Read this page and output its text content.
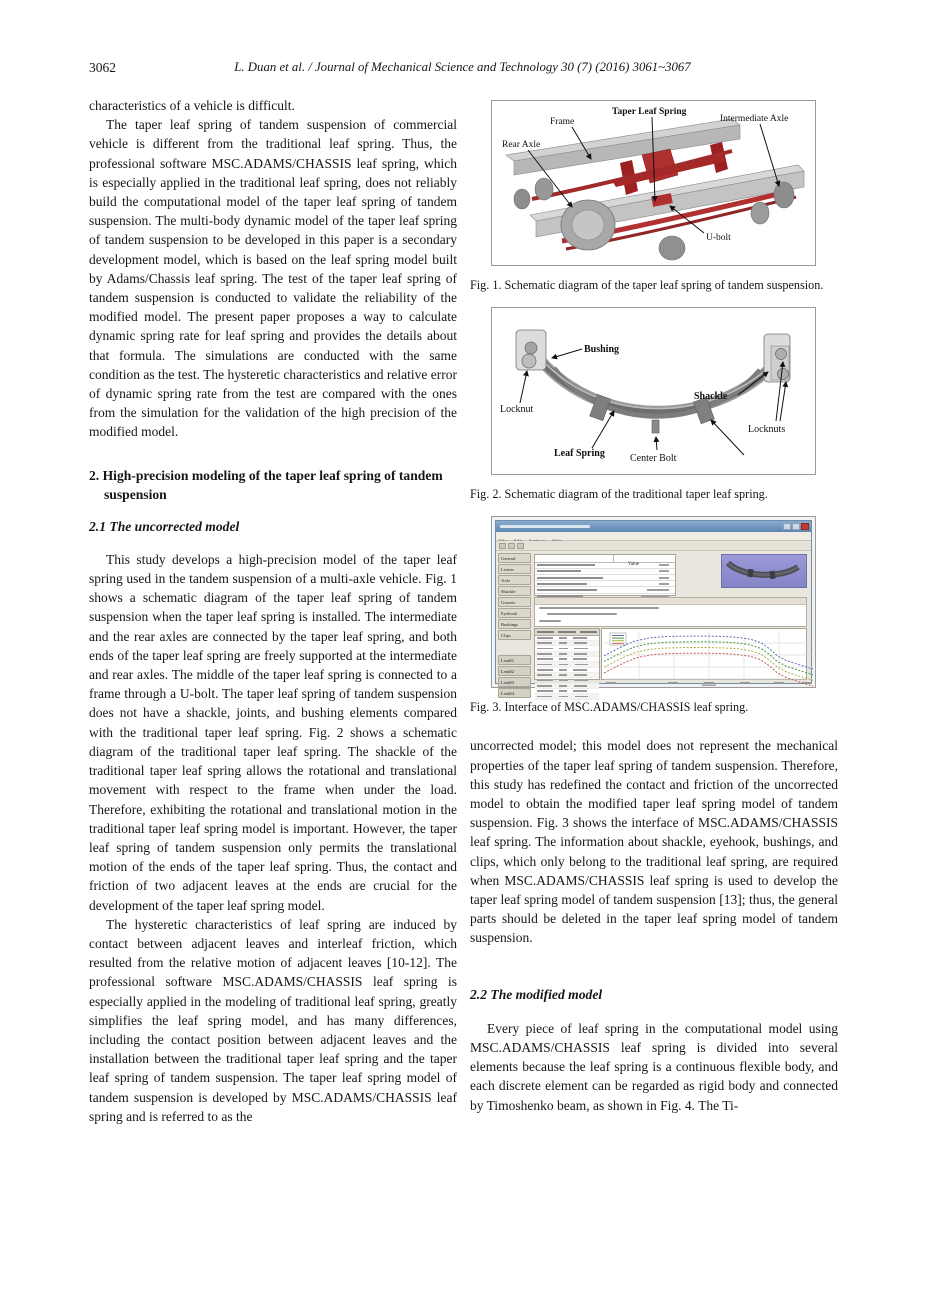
3062	L. Duan et al. / Journal of Mechanical Science and Technology 30 (7) (2016) 3061~3067

characteristics of a vehicle is difficult.

The taper leaf spring of tandem suspension of commercial vehicle is different from the traditional leaf spring. Thus, the professional software MSC.ADAMS/CHASSIS leaf spring, which is especially applied in the traditional leaf spring, does not reliably build the computational model of the taper leaf spring of tandem suspension. The multi-body dynamic model of the taper leaf spring of tandem suspension to be developed in this paper is a secondary development model, which is based on the leaf spring model built by Adams/Chassis leaf spring. The test of the taper leaf spring of tandem suspension is conducted to validate the reliability of the modified model. The present paper proposes a way to calculate dynamic spring rate for leaf spring and provides the details about that formula. The simulations are conducted with the same condition as the test. The hysteretic characteristics and relative error of dynamic spring rate from the test are compared with the ones from the simulation for the validation of the high precision of the modified model.

2. High-precision modeling of the taper leaf spring of tandem suspension
2.1 The uncorrected model

This study develops a high-precision model of the taper leaf spring used in the tandem suspension of a multi-axle vehicle. Fig. 1 shows a schematic diagram of the taper leaf spring of tandem suspension when the taper leaf spring is installed. The intermediate and the rear axles are connected by the taper leaf spring, and both ends of the taper leaf spring are freely supported at the intermediate and rear axles. The middle of the taper leaf spring is connected to a frame through a U-bolt. The taper leaf spring of tandem suspension does not have a shackle, joints, and bushing elements compared with the traditional taper leaf spring. Fig. 2 shows a schematic diagram of the traditional taper leaf spring. The shackle of the traditional taper leaf spring allows the rotational and translational movement with respect to the frame when under the load. Therefore, exhibiting the rotational and translational motion in the traditional taper leaf spring model is important. However, the taper leaf spring of tandem suspension only permits the translational motion of the ends of the taper leaf spring. Thus, the contact and friction of two adjacent leaves at the ends are crucial for the development of the taper leaf spring model.

The hysteretic characteristics of leaf spring are induced by contact between adjacent leaves and interleaf friction, which resulted from the relative motion of adjacent leaves [10-12]. The professional software MSC.ADAMS/CHASSIS leaf spring is especially applied in the modeling of traditional leaf spring, greatly simplifies the leaf spring model, and has many differences, including the contact position between adjacent leaves and the installation between the traditional taper leaf spring and the taper leaf spring of tandem suspension. The taper leaf spring model of tandem suspension is developed by MSC.ADAMS/CHASSIS leaf spring and is referred to as the

Frame
Taper Leaf Spring
Intermediate Axle
Rear Axle
U-bolt
Fig. 1. Schematic diagram of the taper leaf spring of tandem suspension.
Bushing
Shackle
Locknut
Locknuts
Leaf Spring	Center Bolt
Fig. 2. Schematic diagram of the traditional taper leaf spring.
General
Leaves
Axle
Shackle
Gussets
Eyehook
Bushings
Clips
Leaf#1
Leaf#2
Leaf#3
Leaf#4
Value
Fig. 3. Interface of MSC.ADAMS/CHASSIS leaf spring.

uncorrected model; this model does not represent the mechanical properties of the taper leaf spring of tandem suspension. Therefore, this study has redefined the contact and friction of the uncorrected model to obtain the modified taper leaf spring model of tandem suspension. Fig. 3 shows the interface of MSC.ADAMS/CHASSIS leaf spring. The information about shackle, eyehook, bushings, and clips, which only belong to the traditional leaf spring, are required when MSC.ADAMS/CHASSIS leaf spring is used to develop the taper leaf spring model of tandem suspension [13]; thus, the general parts should be deleted in the taper leaf spring model of tandem suspension.

2.2 The modified model

Every piece of leaf spring in the computational model using MSC.ADAMS/CHASSIS leaf spring is divided into several elements because the leaf spring is a continuous flexible body, and each discrete element can be regarded as rigid body and connected by Timoshenko beam, as shown in Fig. 4. The Ti-
